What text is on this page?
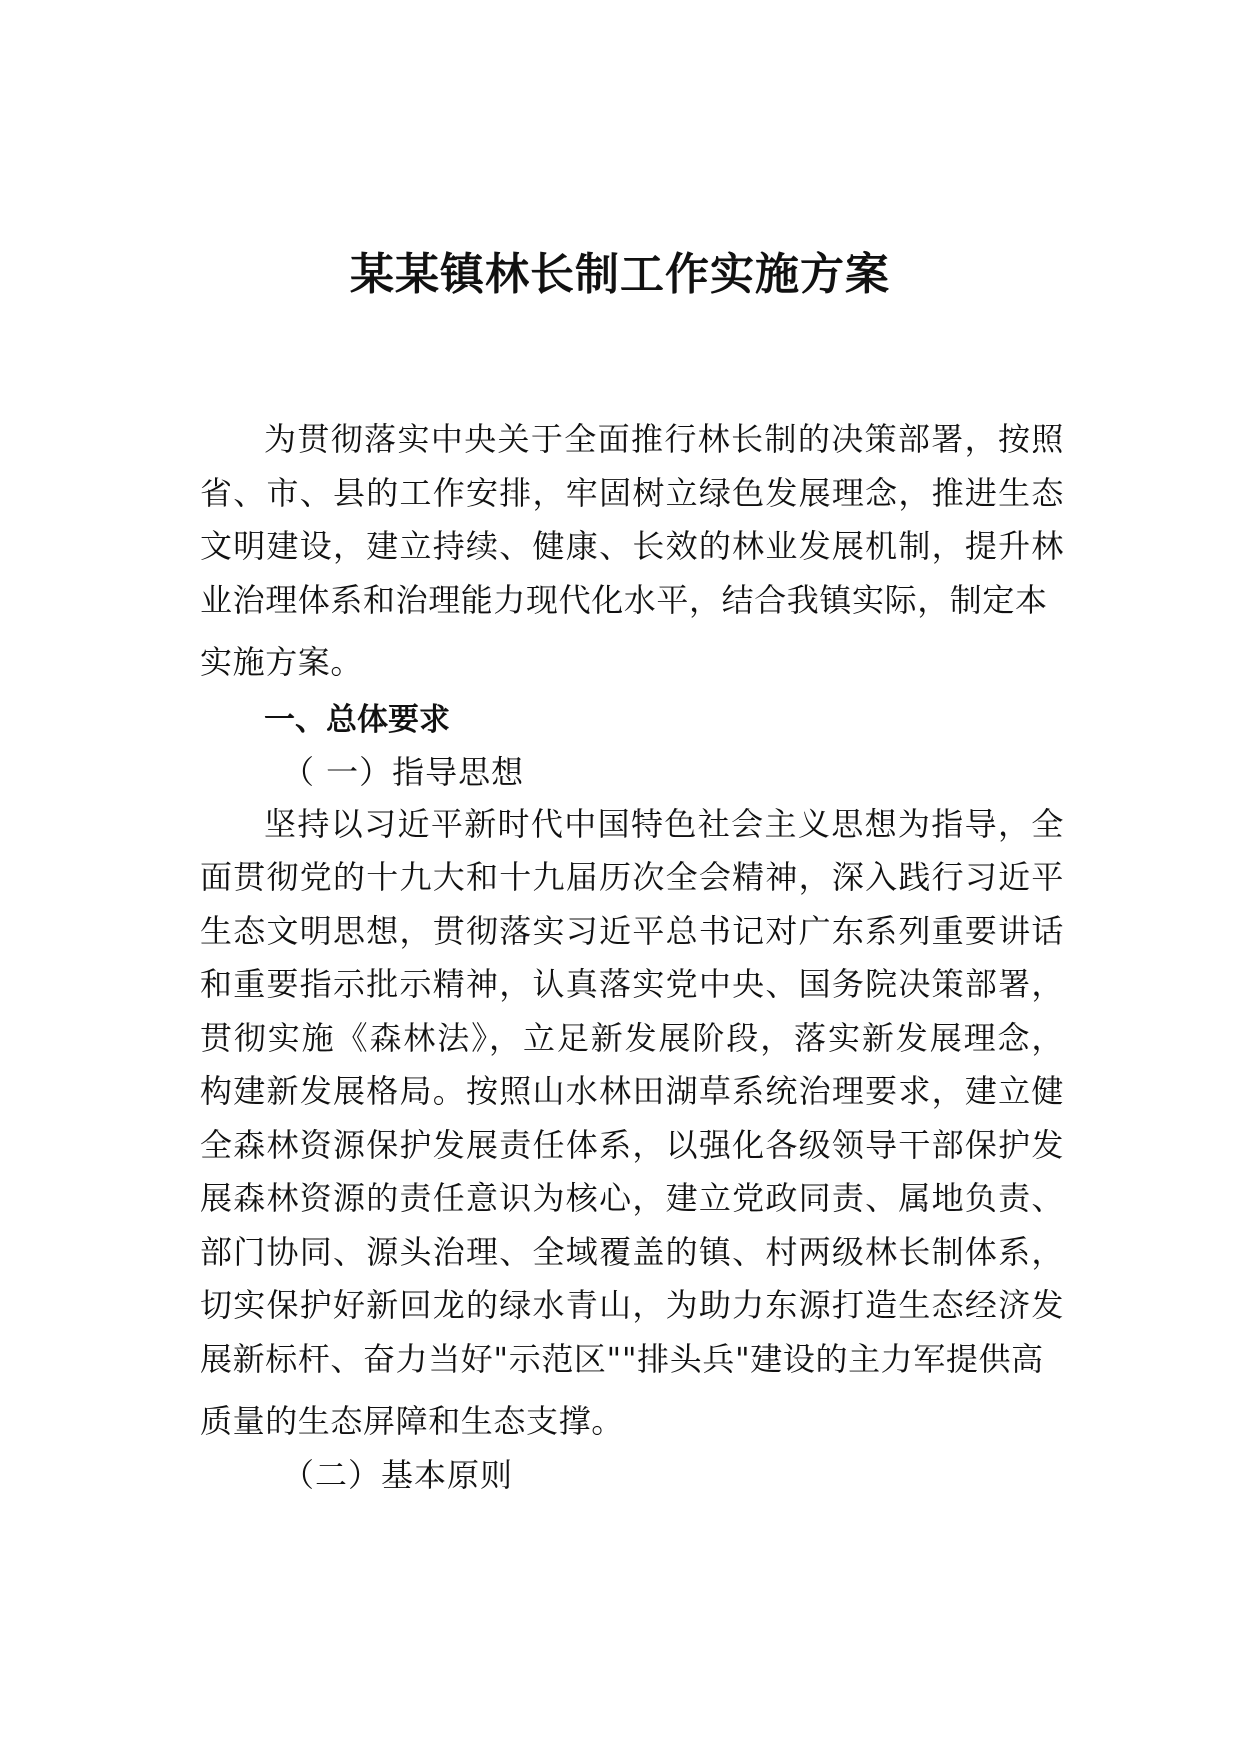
某某镇林长制工作实施方案

为贯彻落实中央关于全面推行林长制的决策部署，按照省、市、县的工作安排，牢固树立绿色发展理念，推进生态文明建设，建立持续、健康、长效的林业发展机制，提升林业治理体系和治理能力现代化水平，结合我镇实际，制定本
实施方案。

一、总体要求

（ 一）指导思想

坚持以习近平新时代中国特色社会主义思想为指导，全面贯彻党的十九大和十九届历次全会精神，深入践行习近平生态文明思想，贯彻落实习近平总书记对广东系列重要讲话和重要指示批示精神，认真落实党中央、国务院决策部署，贯彻实施《森林法》，立足新发展阶段，落实新发展理念，构建新发展格局。按照山水林田湖草系统治理要求，建立健全森林资源保护发展责任体系，以强化各级领导干部保护发展森林资源的责任意识为核心，建立党政同责、属地负责、部门协同、源头治理、全域覆盖的镇、村两级林长制体系，切实保护好新回龙的绿水青山，为助力东源打造生态经济发展新标杆、奋力当好"示范区""排头兵"建设的主力军提供高
质量的生态屏障和生态支撑。

（二）基本原则
